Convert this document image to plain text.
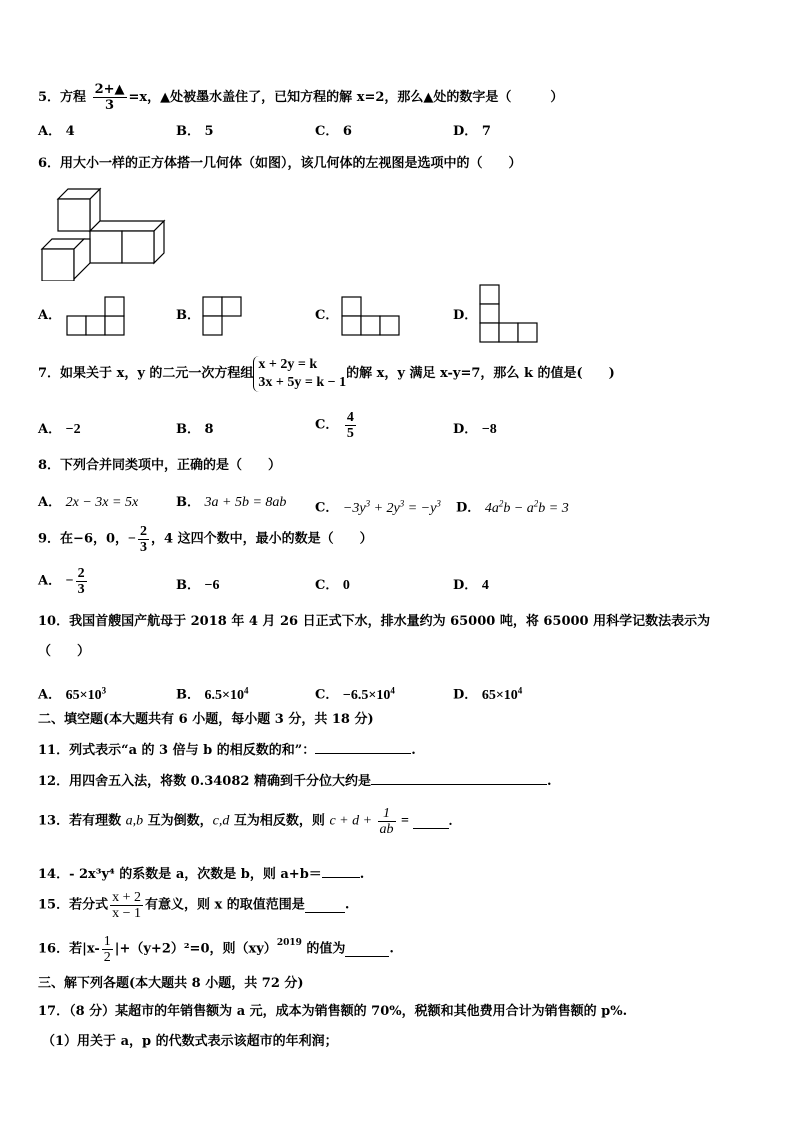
5．方程 $\frac{2+▲}{3} =x$，▲处被墨水盖住了，已知方程的解 x=2，那么▲处的数字是（　　　）
A． 4	B． 5	C． 6	D． 7
6．用大小一样的正方体搭一几何体（如图），该几何体的左视图是选项中的（　　）
A．	B．	C．	D．
7．如果关于 x，y 的二元一次方程组
x + 2y = k
3x + 5y = k − 1
的解 x，y 满足 x-y=7，那么 k 的值是(　　)
A． −2	B． 8	C． $\frac{4}{5}$	D． −8
8．下列合并同类项中，正确的是（　　）
A． 2x − 3x = 5x	B． 3a + 5b = 8ab C． $-3y^3 + 2y^3 = -y^3$ D． $4a^2b - a^2b = 3$
9．在−6，0，− $\frac{2}{3}$ ，4 这四个数中，最小的数是（　　）
A． − $\frac{2}{3}$	B． −6	C． 0	D． 4
10．我国首艘国产航母于 2018 年 4 月 26 日正式下水，排水量约为 65000 吨，将 65000 用科学记数法表示为
（　　）
A． $65\times 10^3$	B． $6.5\times 10^4$	C． $-6.5\times 10^4$	D． $65\times 10^4$
二、填空题(本大题共有 6 小题，每小题 3 分，共 18 分)
11．列式表示“a 的 3 倍与 b 的相反数的和”：	.
12．用四舍五入法，将数 0.34082 精确到千分位大约是	.
13．若有理数 a,b 互为倒数，c,d 互为相反数，则 $c + d + \frac{1}{ab}$ =	．
14．- 2x³y⁴ 的系数是 a，次数是 b，则 a+b＝	.
15．若分式 $\frac{x + 2}{x - 1}$ 有意义，则 x 的取值范围是	.
16．若$|x- \frac{1}{2} |+(y+2)^2=0$，则（xy）$^{2019}$ 的值为	.
三、解下列各题(本大题共 8 小题，共 72 分)
17．（8 分）某超市的年销售额为 a 元，成本为销售额的 70%，税额和其他费用合计为销售额的 p%.
（1）用关于 a，p 的代数式表示该超市的年利润；
